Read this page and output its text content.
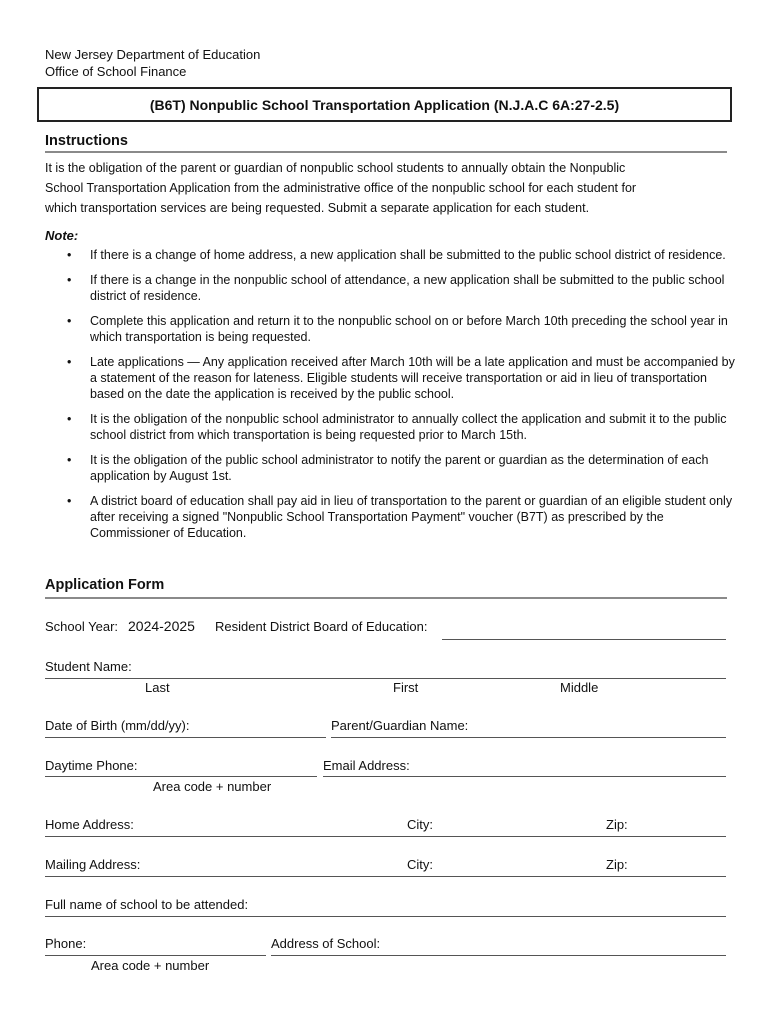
New Jersey Department of Education
Office of School Finance
(B6T) Nonpublic School Transportation Application (N.J.A.C 6A:27-2.5)
Instructions
It is the obligation of the parent or guardian of nonpublic school students to annually obtain the Nonpublic
School Transportation Application from the administrative office of the nonpublic school for each student for
which transportation services are being requested. Submit a separate application for each student.
Note:
• If there is a change of home address, a new application shall be submitted to the public school district of residence.
• If there is a change in the nonpublic school of attendance, a new application shall be submitted to the public school district of residence.
• Complete this application and return it to the nonpublic school on or before March 10th preceding the school year in which transportation is being requested.
• Late applications — Any application received after March 10th will be a late application and must be accompanied by a statement of the reason for lateness. Eligible students will receive transportation or aid in lieu of transportation based on the date the application is received by the public school.
• It is the obligation of the nonpublic school administrator to annually collect the application and submit it to the public school district from which transportation is being requested prior to March 15th.
• It is the obligation of the public school administrator to notify the parent or guardian as the determination of each application by August 1st.
• A district board of education shall pay aid in lieu of transportation to the parent or guardian of an eligible student only after receiving a signed "Nonpublic School Transportation Payment" voucher (B7T) as prescribed by the Commissioner of Education.
Application Form
School Year: 2024-2025 Resident District Board of Education:
Student Name:
Last	First	Middle
Date of Birth (mm/dd/yy):	Parent/Guardian Name:
Daytime Phone:	Email Address:
Area code + number
Home Address:	City:	Zip:
Mailing Address:	City:	Zip:
Full name of school to be attended:
Phone:	Address of School:
Area code + number
